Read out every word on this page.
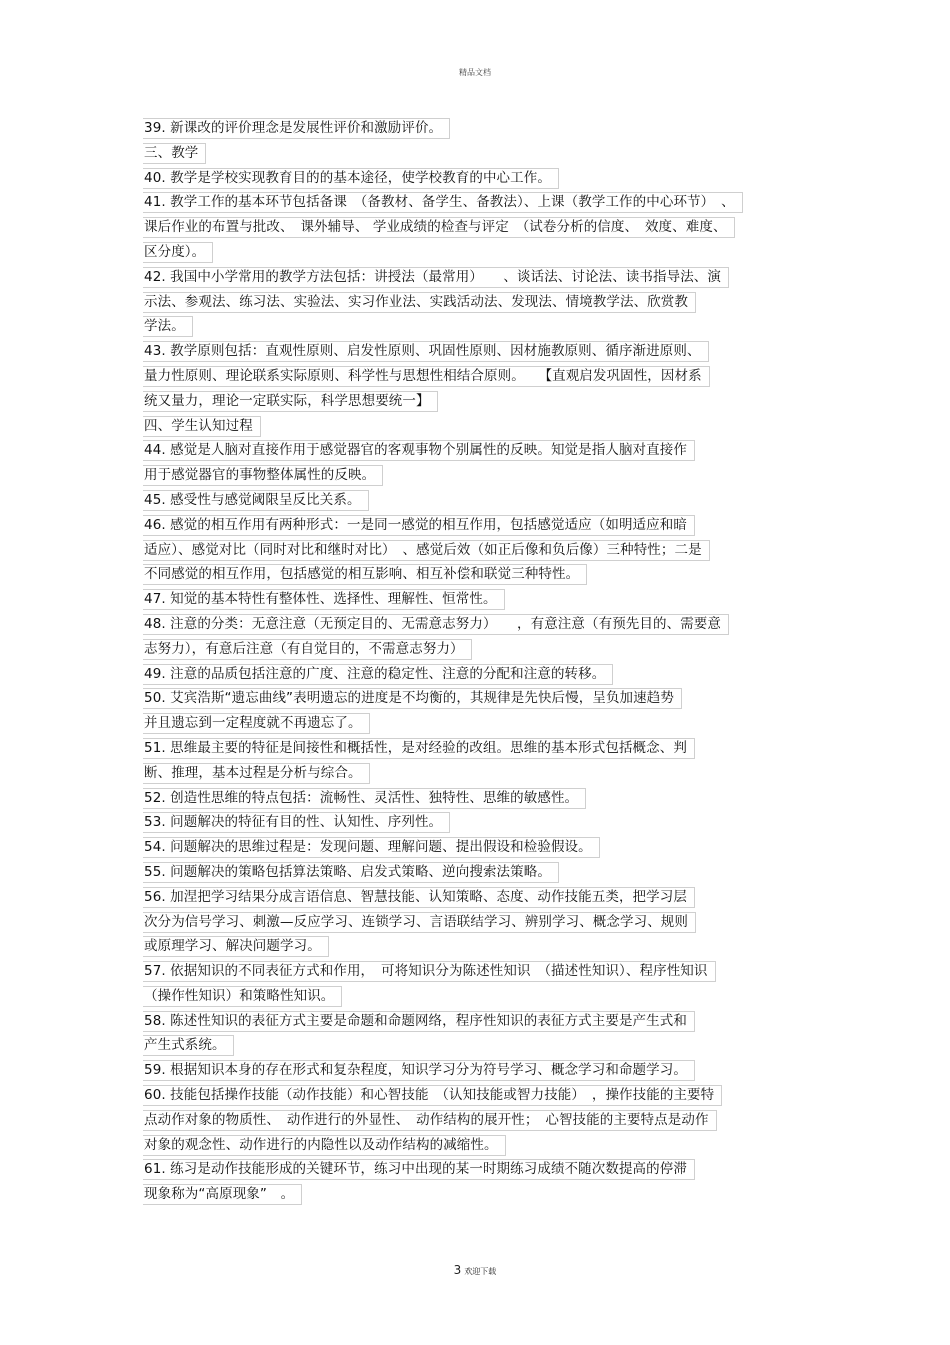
精品文档
39. 新课改的评价理念是发展性评价和激励评价。
三、教学
40. 教学是学校实现教育目的的基本途径，使学校教育的中心工作。
41. 教学工作的基本环节包括备课　（备教材、备学生、备教法）、上课（教学工作的中心环节）　、
课后作业的布置与批改、　课外辅导、 学业成绩的检查与评定　（试卷分析的信度、　效度、难度、
区分度）。
42. 我国中小学常用的教学方法包括：讲授法（最常用）　　、谈话法、讨论法、读书指导法、演
示法、参观法、练习法、实验法、实习作业法、实践活动法、发现法、情境教学法、欣赏教
学法。
43. 教学原则包括：直观性原则、启发性原则、巩固性原则、因材施教原则、循序渐进原则、
量力性原则、理论联系实际原则、科学性与思想性相结合原则。　　【直观启发巩固性，因材系
统又量力，理论一定联实际，科学思想要统一】
四、学生认知过程
44. 感觉是人脑对直接作用于感觉器官的客观事物个别属性的反映。知觉是指人脑对直接作
用于感觉器官的事物整体属性的反映。
45. 感受性与感觉阈限呈反比关系。
46. 感觉的相互作用有两种形式：一是同一感觉的相互作用，包括感觉适应（如明适应和暗
适应）、感觉对比（同时对比和继时对比）　、感觉后效（如正后像和负后像）三种特性；二是
不同感觉的相互作用，包括感觉的相互影响、相互补偿和联觉三种特性。
47. 知觉的基本特性有整体性、选择性、理解性、恒常性。
48. 注意的分类：无意注意（无预定目的、无需意志努力）　　，有意注意（有预先目的、需要意
志努力），有意后注意（有自觉目的，不需意志努力）
49. 注意的品质包括注意的广度、注意的稳定性、注意的分配和注意的转移。
50. 艾宾浩斯“遗忘曲线”表明遗忘的进度是不均衡的，其规律是先快后慢，呈负加速趋势
并且遗忘到一定程度就不再遗忘了。
51. 思维最主要的特征是间接性和概括性，是对经验的改组。思维的基本形式包括概念、判
断、推理，基本过程是分析与综合。
52. 创造性思维的特点包括：流畅性、灵活性、独特性、思维的敏感性。
53. 问题解决的特征有目的性、认知性、序列性。
54. 问题解决的思维过程是：发现问题、理解问题、提出假设和检验假设。
55. 问题解决的策略包括算法策略、启发式策略、逆向搜索法策略。
56. 加涅把学习结果分成言语信息、智慧技能、认知策略、态度、动作技能五类，把学习层
次分为信号学习、刺激—反应学习、连锁学习、言语联结学习、辨别学习、概念学习、规则
或原理学习、解决问题学习。
57. 依据知识的不同表征方式和作用，　可将知识分为陈述性知识　（描述性知识）、程序性知识
（操作性知识）和策略性知识。
58. 陈述性知识的表征方式主要是命题和命题网络，程序性知识的表征方式主要是产生式和
产生式系统。
59. 根据知识本身的存在形式和复杂程度，知识学习分为符号学习、概念学习和命题学习。
60. 技能包括操作技能（动作技能）和心智技能　（认知技能或智力技能）　，操作技能的主要特
点动作对象的物质性、　动作进行的外显性、　动作结构的展开性；　心智技能的主要特点是动作
对象的观念性、动作进行的内隐性以及动作结构的减缩性。
61. 练习是动作技能形成的关键环节，练习中出现的某一时期练习成绩不随次数提高的停滞
现象称为“高原现象”　。
3 欢迎下载
